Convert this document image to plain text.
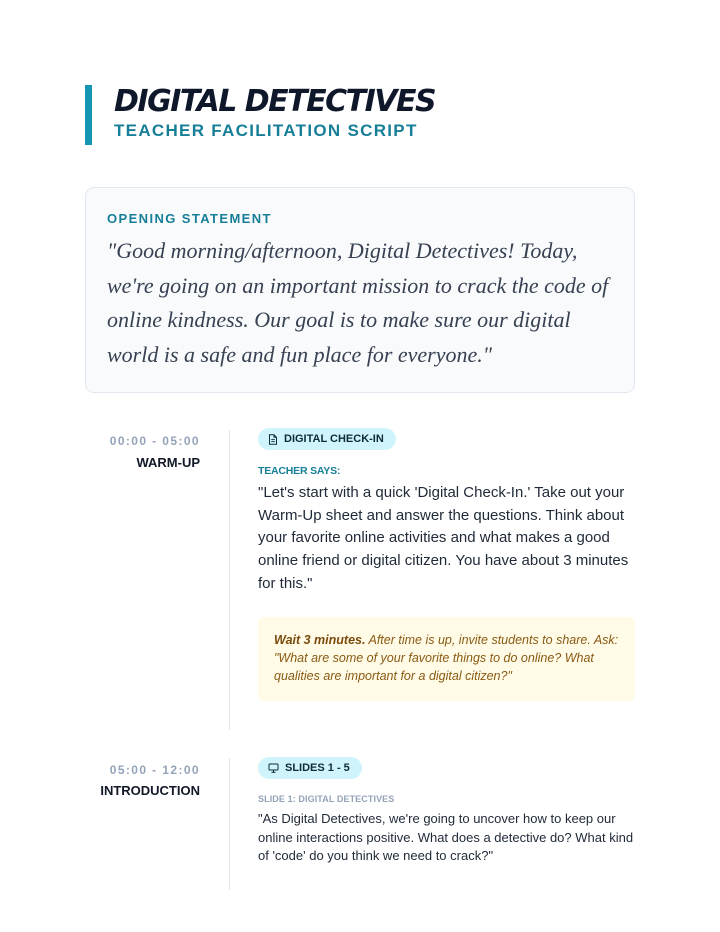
DIGITAL DETECTIVES
TEACHER FACILITATION SCRIPT
OPENING STATEMENT
"Good morning/afternoon, Digital Detectives! Today, we're going on an important mission to crack the code of online kindness. Our goal is to make sure our digital world is a safe and fun place for everyone."
00:00 - 05:00
WARM-UP
DIGITAL CHECK-IN
TEACHER SAYS:
"Let's start with a quick 'Digital Check-In.' Take out your Warm-Up sheet and answer the questions. Think about your favorite online activities and what makes a good online friend or digital citizen. You have about 3 minutes for this."
Wait 3 minutes. After time is up, invite students to share. Ask: "What are some of your favorite things to do online? What qualities are important for a digital citizen?"
05:00 - 12:00
INTRODUCTION
SLIDES 1 - 5
SLIDE 1: DIGITAL DETECTIVES
"As Digital Detectives, we're going to uncover how to keep our online interactions positive. What does a detective do? What kind of 'code' do you think we need to crack?"
